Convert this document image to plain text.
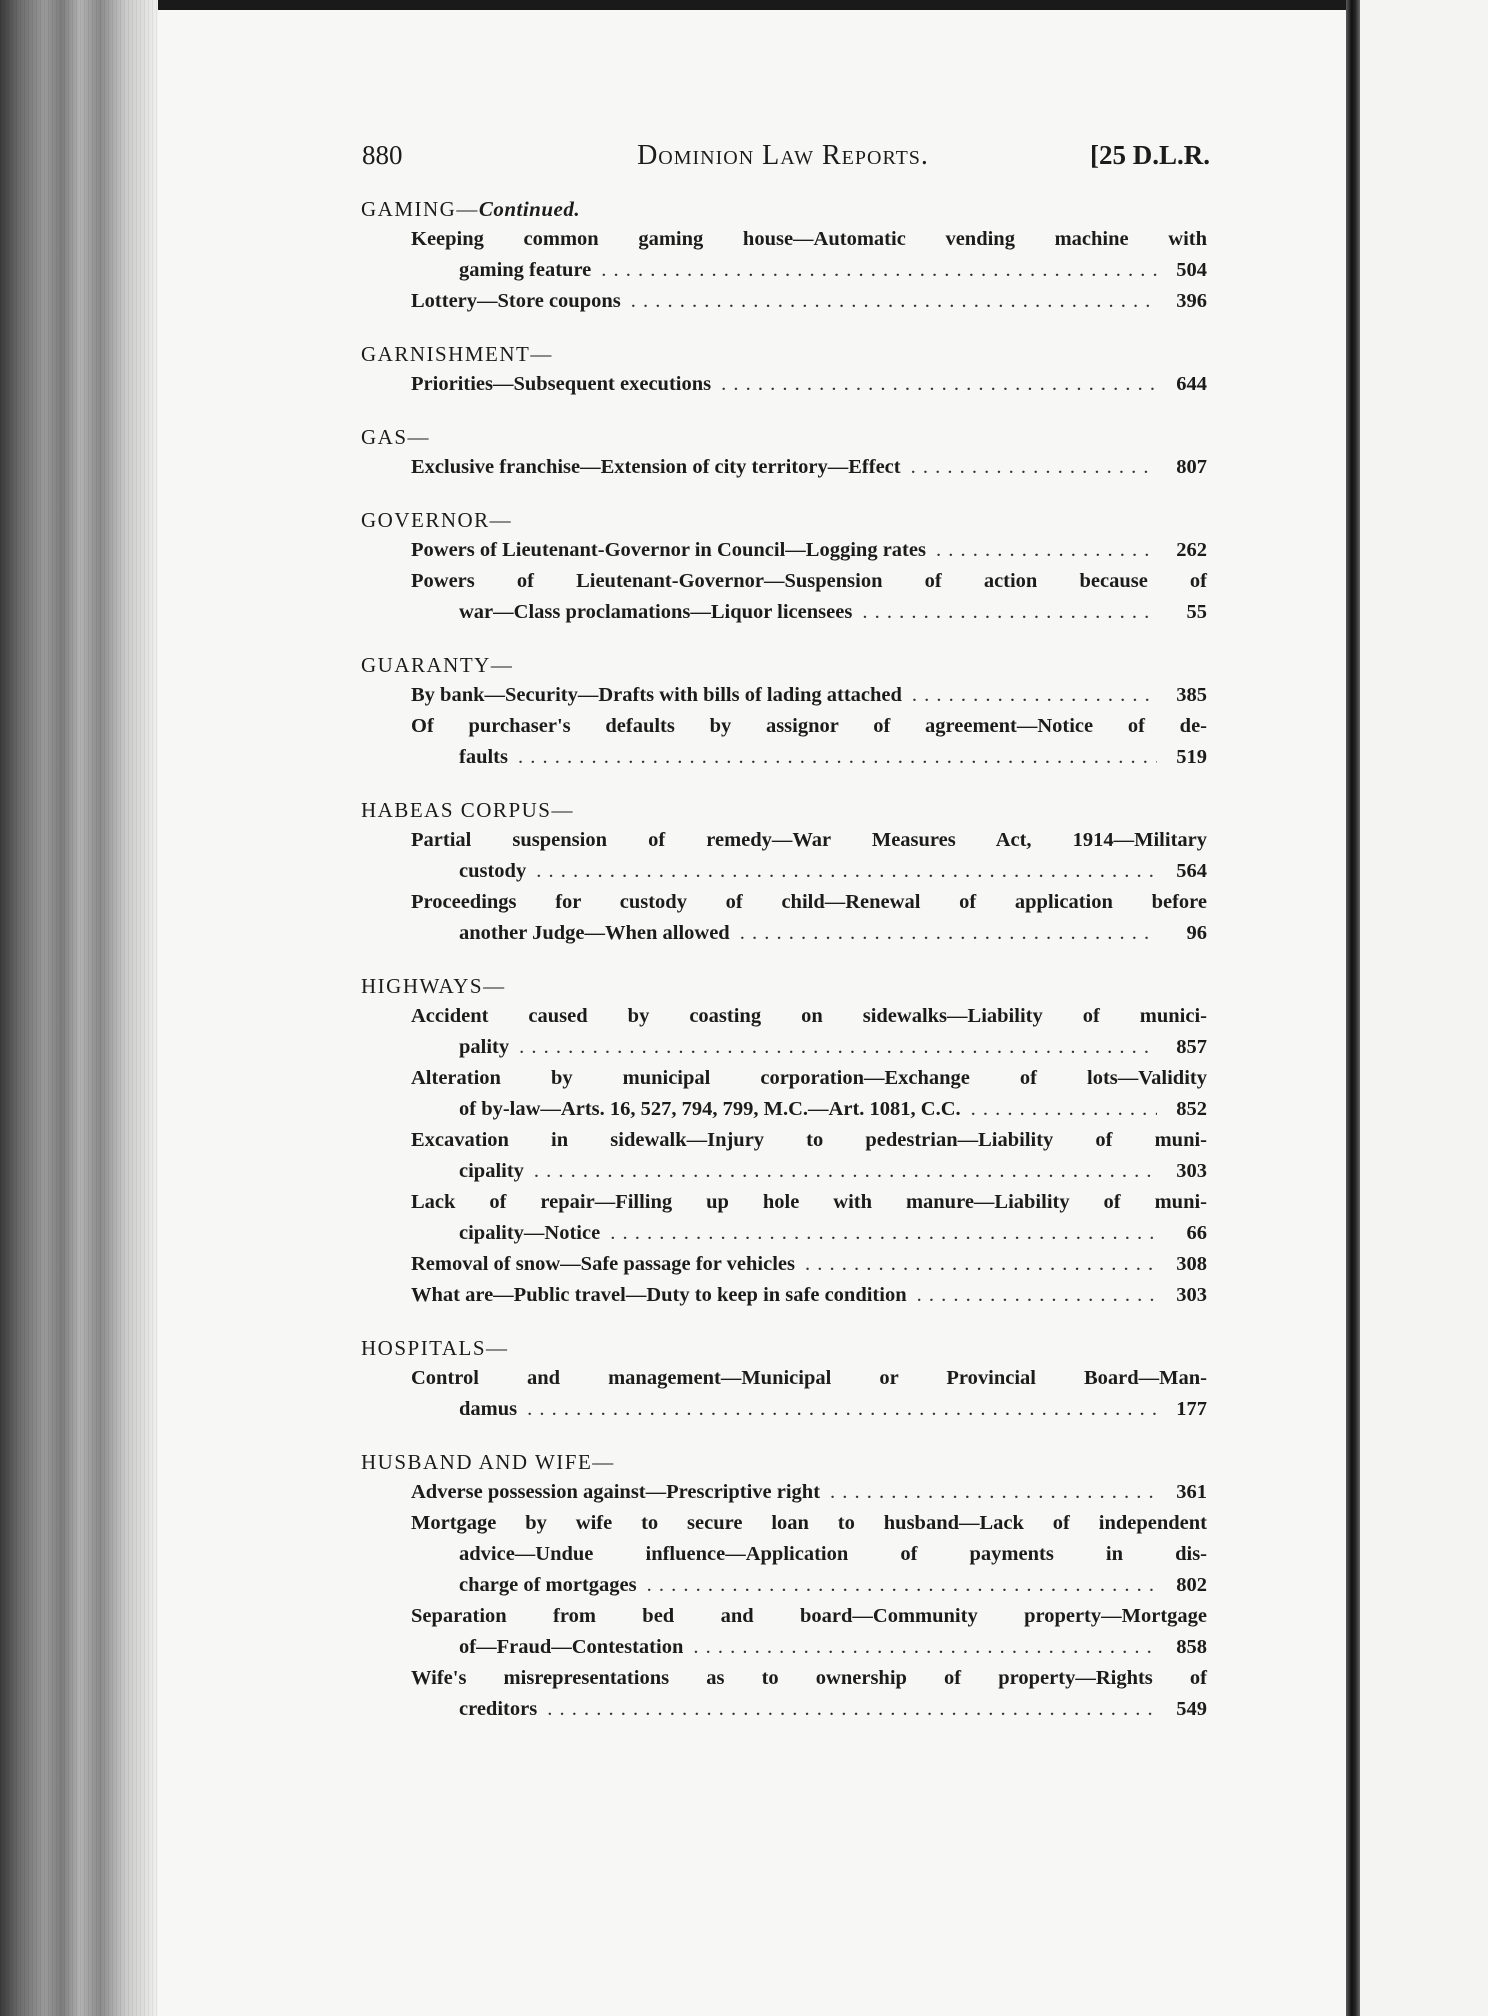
880	Dominion Law Reports.	[25 D.L.R.
GAMING—Continued.
Keeping common gaming house—Automatic vending machine with
gaming feature . . .	504
Lottery—Store coupons . . .	396
GARNISHMENT—
Priorities—Subsequent executions . . .	644
GAS—
Exclusive franchise—Extension of city territory—Effect . . .	807
GOVERNOR—
Powers of Lieutenant-Governor in Council—Logging rates . . .	262
Powers of Lieutenant-Governor—Suspension of action because of
war—Class proclamations—Liquor licensees . . .	55
GUARANTY—
By bank—Security—Drafts with bills of lading attached . . .	385
Of purchaser's defaults by assignor of agreement—Notice of de-
faults . . .	519
HABEAS CORPUS—
Partial suspension of remedy—War Measures Act, 1914—Military
custody . . .	564
Proceedings for custody of child—Renewal of application before
another Judge—When allowed . . .	96
HIGHWAYS—
Accident caused by coasting on sidewalks—Liability of munici-
pality . . .	857
Alteration by municipal corporation—Exchange of lots—Validity
of by-law—Arts. 16, 527, 794, 799, M.C.—Art. 1081, C.C. . . .	852
Excavation in sidewalk—Injury to pedestrian—Liability of muni-
cipality . . .	303
Lack of repair—Filling up hole with manure—Liability of muni-
cipality—Notice . . .	66
Removal of snow—Safe passage for vehicles . . .	308
What are—Public travel—Duty to keep in safe condition . . .	303
HOSPITALS—
Control and management—Municipal or Provincial Board—Man-
damus . . .	177
HUSBAND AND WIFE—
Adverse possession against—Prescriptive right . . .	361
Mortgage by wife to secure loan to husband—Lack of independent
advice—Undue influence—Application of payments in dis-
charge of mortgages . . .	802
Separation from bed and board—Community property—Mortgage
of—Fraud—Contestation . . .	858
Wife's misrepresentations as to ownership of property—Rights of
creditors . . .	549
